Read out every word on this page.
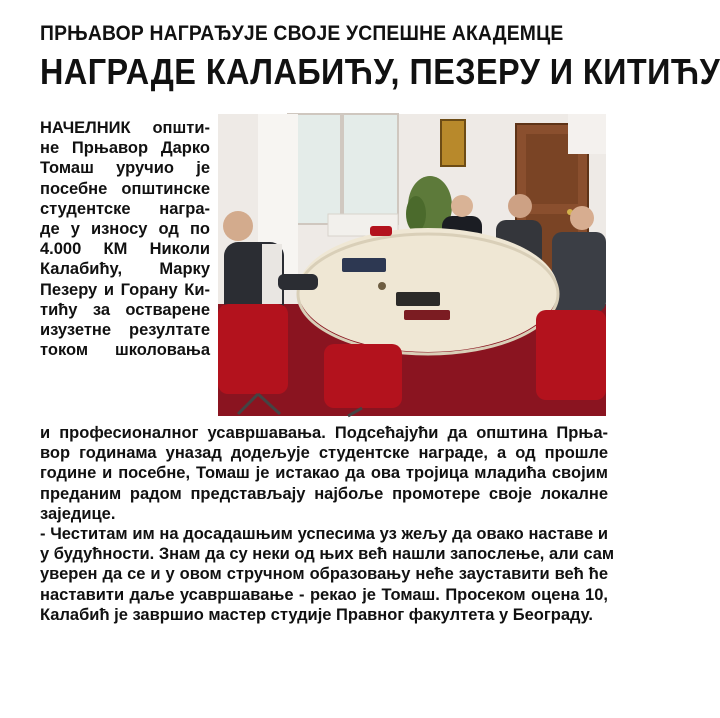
ПРЊАВОР НАГРАЂУЈЕ СВОЈЕ УСПЕШНЕ АКАДЕМЦЕ
НАГРАДЕ КАЛАБИЋУ, ПЕЗЕРУ И КИТИЋУ
НАЧЕЛНИК општи-
не Прњавор Дарко
Томаш уручио је
посебне општинске
студентске награ-
де у износу од по
4.000 КМ Николи
Калабићу, Марку
Пезеру и Горану Ки-
тићу за остварене
изузетне резултате
током школовања
и професионалног усавршавања. Подсећајући да општина Прња-
вор годинама уназад додељује студентске награде, а од прошле
године и посебне, Томаш је истакао да ова тројица младића својим
преданим радом представљају најбоље промотере своје локалне
заједице.
- Честитам им на досадашњим успесима уз жељу да овако наставе и
у будућности. Знам да су неки од њих већ нашли запослење, али сам
уверен да се и у овом стручном образовању неће зауставити већ ће
наставити даље усавршавање - рекао је Томаш. Просеком оцена 10,
Калабић је завршио мастер студије Правног факултета у Београду.
